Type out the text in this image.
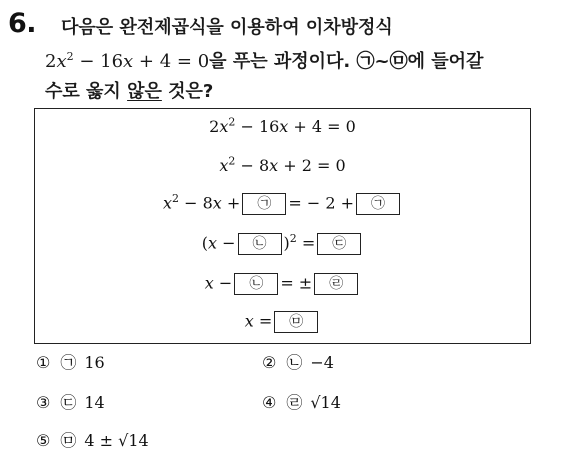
6. 다음은 완전제곱식을 이용하여 이차방정식
$2x^2 - 16x + 4 = 0$을 푸는 과정이다. ㉠~㉤에 들어갈
수로 옳지 않은 것은?
$2x^2 - 16x + 4 = 0$
$x^2 - 8x + 2 = 0$
$x^2 - 8x$ + ㉠ = − 2 + ㉠
(x − ㉡ )$^2$ = ㉢
x − ㉡ = ± ㉣
x = ㉤
① ㉠ 16	② ㉡ −4
③ ㉢ 14	④ ㉣ √14
⑤ ㉤ 4 ± √14
